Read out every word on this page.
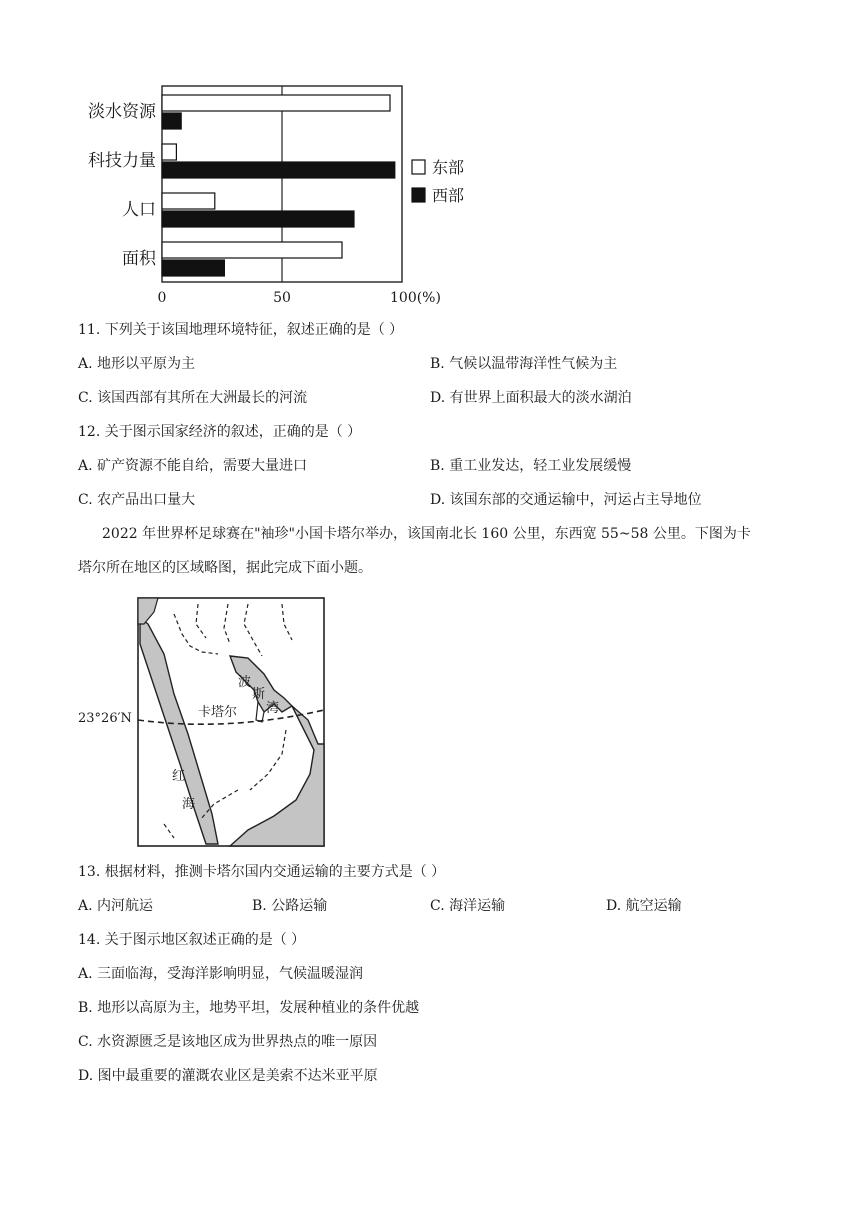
淡水资源
科技力量
人口
面积
0	50	100(%)
东部
西部
11. 下列关于该国地理环境特征，叙述正确的是（ ）
A. 地形以平原为主	B. 气候以温带海洋性气候为主
C. 该国西部有其所在大洲最长的河流	D. 有世界上面积最大的淡水湖泊
12. 关于图示国家经济的叙述，正确的是（ ）
A. 矿产资源不能自给，需要大量进口	B. 重工业发达，轻工业发展缓慢
C. 农产品出口量大	D. 该国东部的交通运输中，河运占主导地位
2022 年世界杯足球赛在"袖珍"小国卡塔尔举办，该国南北长 160 公里，东西宽 55~58 公里。下图为卡
塔尔所在地区的区域略图，据此完成下面小题。
23°26′N	卡塔尔
波
斯
湾
红
海
13. 根据材料，推测卡塔尔国内交通运输的主要方式是（ ）
A. 内河航运	B. 公路运输	C. 海洋运输	D. 航空运输
14. 关于图示地区叙述正确的是（ ）
A. 三面临海，受海洋影响明显，气候温暖湿润
B. 地形以高原为主，地势平坦，发展种植业的条件优越
C. 水资源匮乏是该地区成为世界热点的唯一原因
D. 图中最重要的灌溉农业区是美索不达米亚平原
